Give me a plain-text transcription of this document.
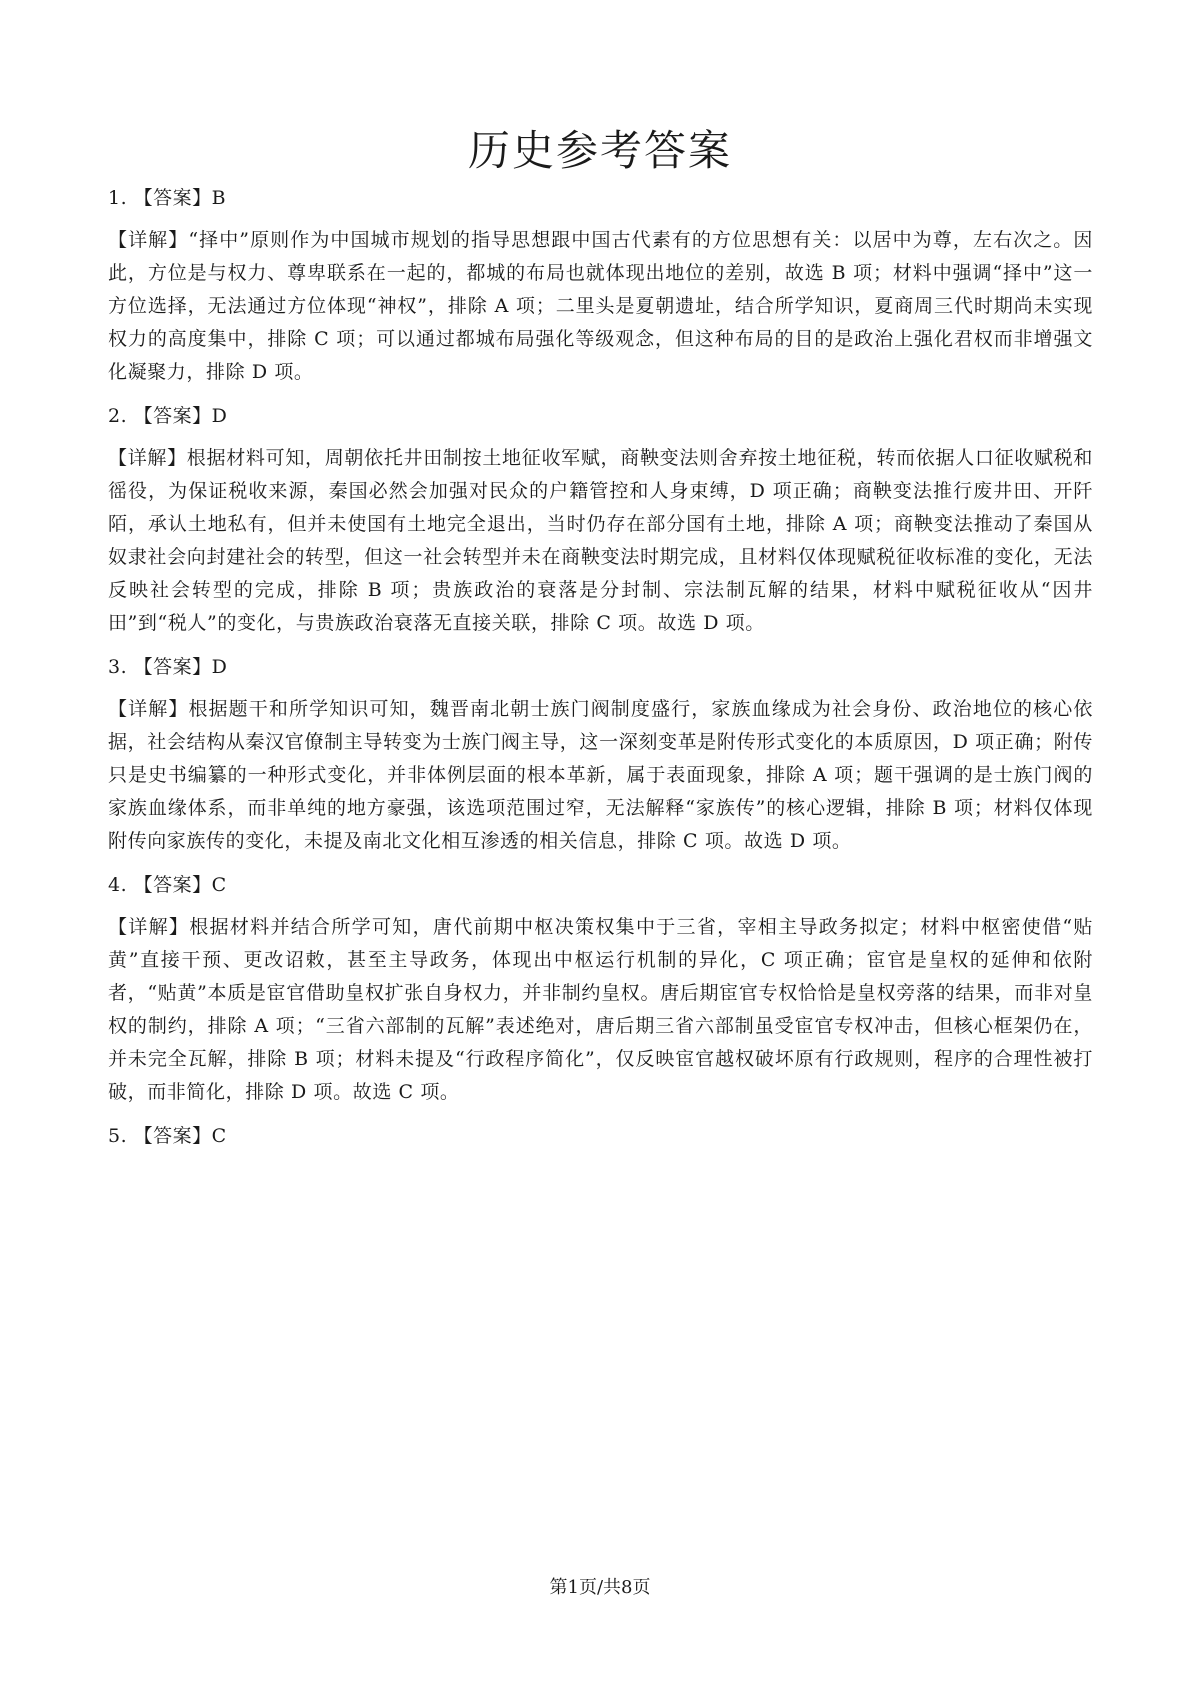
历史参考答案
1. 【答案】B
【详解】“择中”原则作为中国城市规划的指导思想跟中国古代素有的方位思想有关：以居中为尊，左右次之。因此，方位是与权力、尊卑联系在一起的，都城的布局也就体现出地位的差别，故选 B 项；材料中强调“择中”这一方位选择，无法通过方位体现“神权”，排除 A 项；二里头是夏朝遗址，结合所学知识，夏商周三代时期尚未实现权力的高度集中，排除 C 项；可以通过都城布局强化等级观念，但这种布局的目的是政治上强化君权而非增强文化凝聚力，排除 D 项。
2. 【答案】D
【详解】根据材料可知，周朝依托井田制按土地征收军赋，商鞅变法则舍弃按土地征税，转而依据人口征收赋税和徭役，为保证税收来源，秦国必然会加强对民众的户籍管控和人身束缚，D 项正确；商鞅变法推行废井田、开阡陌，承认土地私有，但并未使国有土地完全退出，当时仍存在部分国有土地，排除 A 项；商鞅变法推动了秦国从奴隶社会向封建社会的转型，但这一社会转型并未在商鞅变法时期完成，且材料仅体现赋税征收标准的变化，无法反映社会转型的完成，排除 B 项；贵族政治的衰落是分封制、宗法制瓦解的结果，材料中赋税征收从“因井田”到“税人”的变化，与贵族政治衰落无直接关联，排除 C 项。故选 D 项。
3. 【答案】D
【详解】根据题干和所学知识可知，魏晋南北朝士族门阀制度盛行，家族血缘成为社会身份、政治地位的核心依据，社会结构从秦汉官僚制主导转变为士族门阀主导，这一深刻变革是附传形式变化的本质原因，D 项正确；附传只是史书编纂的一种形式变化，并非体例层面的根本革新，属于表面现象，排除 A 项；题干强调的是士族门阀的家族血缘体系，而非单纯的地方豪强，该选项范围过窄，无法解释“家族传”的核心逻辑，排除 B 项；材料仅体现附传向家族传的变化，未提及南北文化相互渗透的相关信息，排除 C 项。故选 D 项。
4. 【答案】C
【详解】根据材料并结合所学可知，唐代前期中枢决策权集中于三省，宰相主导政务拟定；材料中枢密使借“贴黄”直接干预、更改诏敕，甚至主导政务，体现出中枢运行机制的异化，C 项正确；宦官是皇权的延伸和依附者，“贴黄”本质是宦官借助皇权扩张自身权力，并非制约皇权。唐后期宦官专权恰恰是皇权旁落的结果，而非对皇权的制约，排除 A 项；“三省六部制的瓦解”表述绝对，唐后期三省六部制虽受宦官专权冲击，但核心框架仍在，并未完全瓦解，排除 B 项；材料未提及“行政程序简化”，仅反映宦官越权破坏原有行政规则，程序的合理性被打破，而非简化，排除 D 项。故选 C 项。
5. 【答案】C
第1页/共8页
